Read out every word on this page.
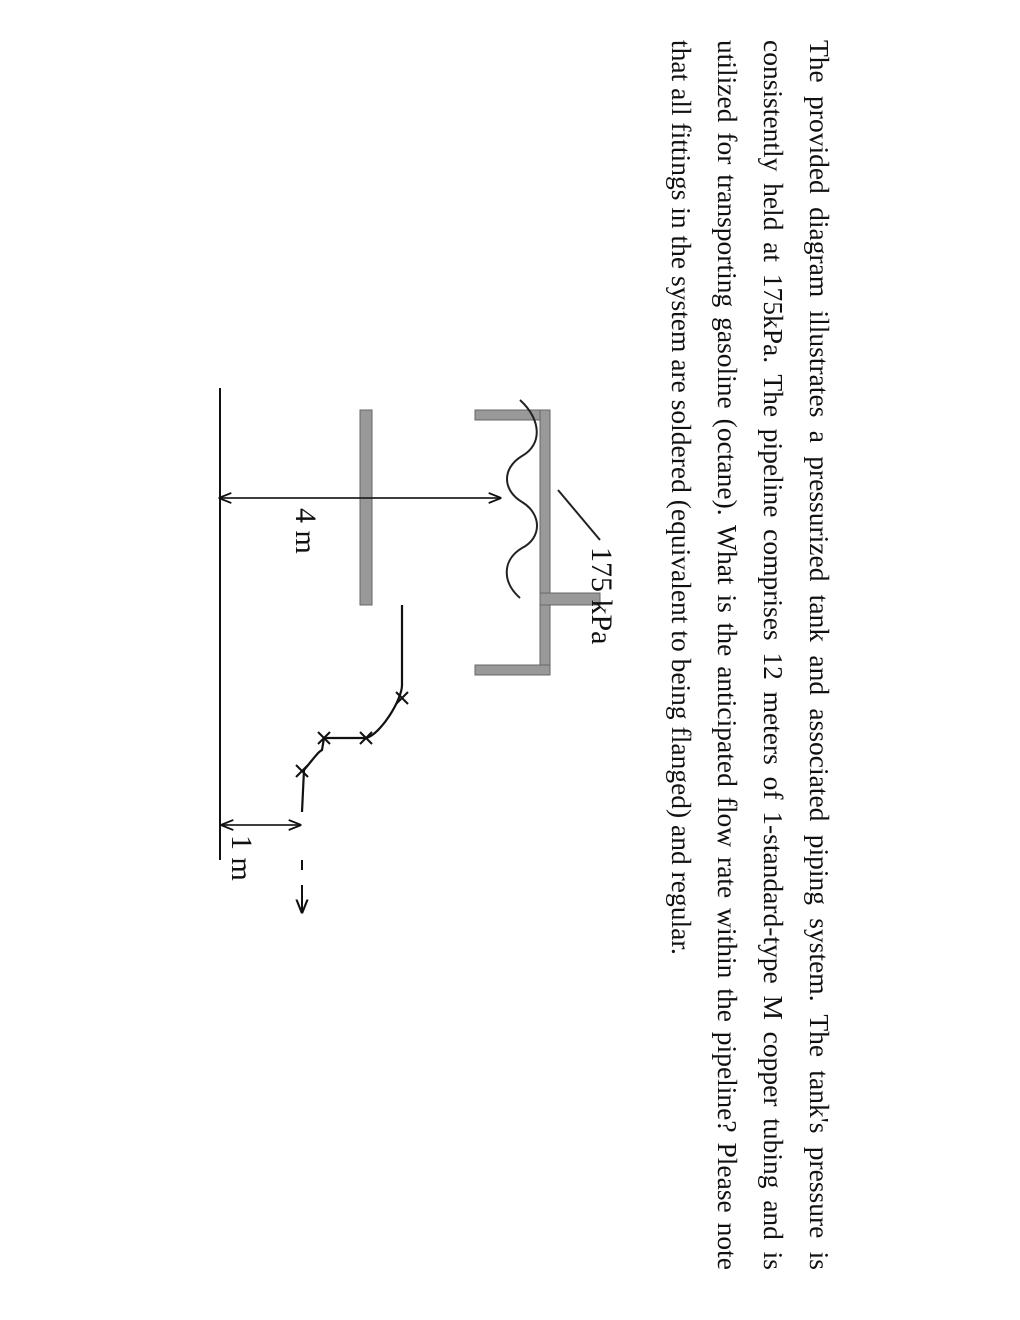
The provided diagram illustrates a pressurized tank and associated piping system. The tank's pressure is consistently held at 175kPa. The pipeline comprises 12 meters of 1-standard-type M copper tubing and is utilized for transporting gasoline (octane). What is the anticipated flow rate within the pipeline? Please note that all fittings in the system are soldered (equivalent to being flanged) and regular.

175 kPa
4 m
1 m
